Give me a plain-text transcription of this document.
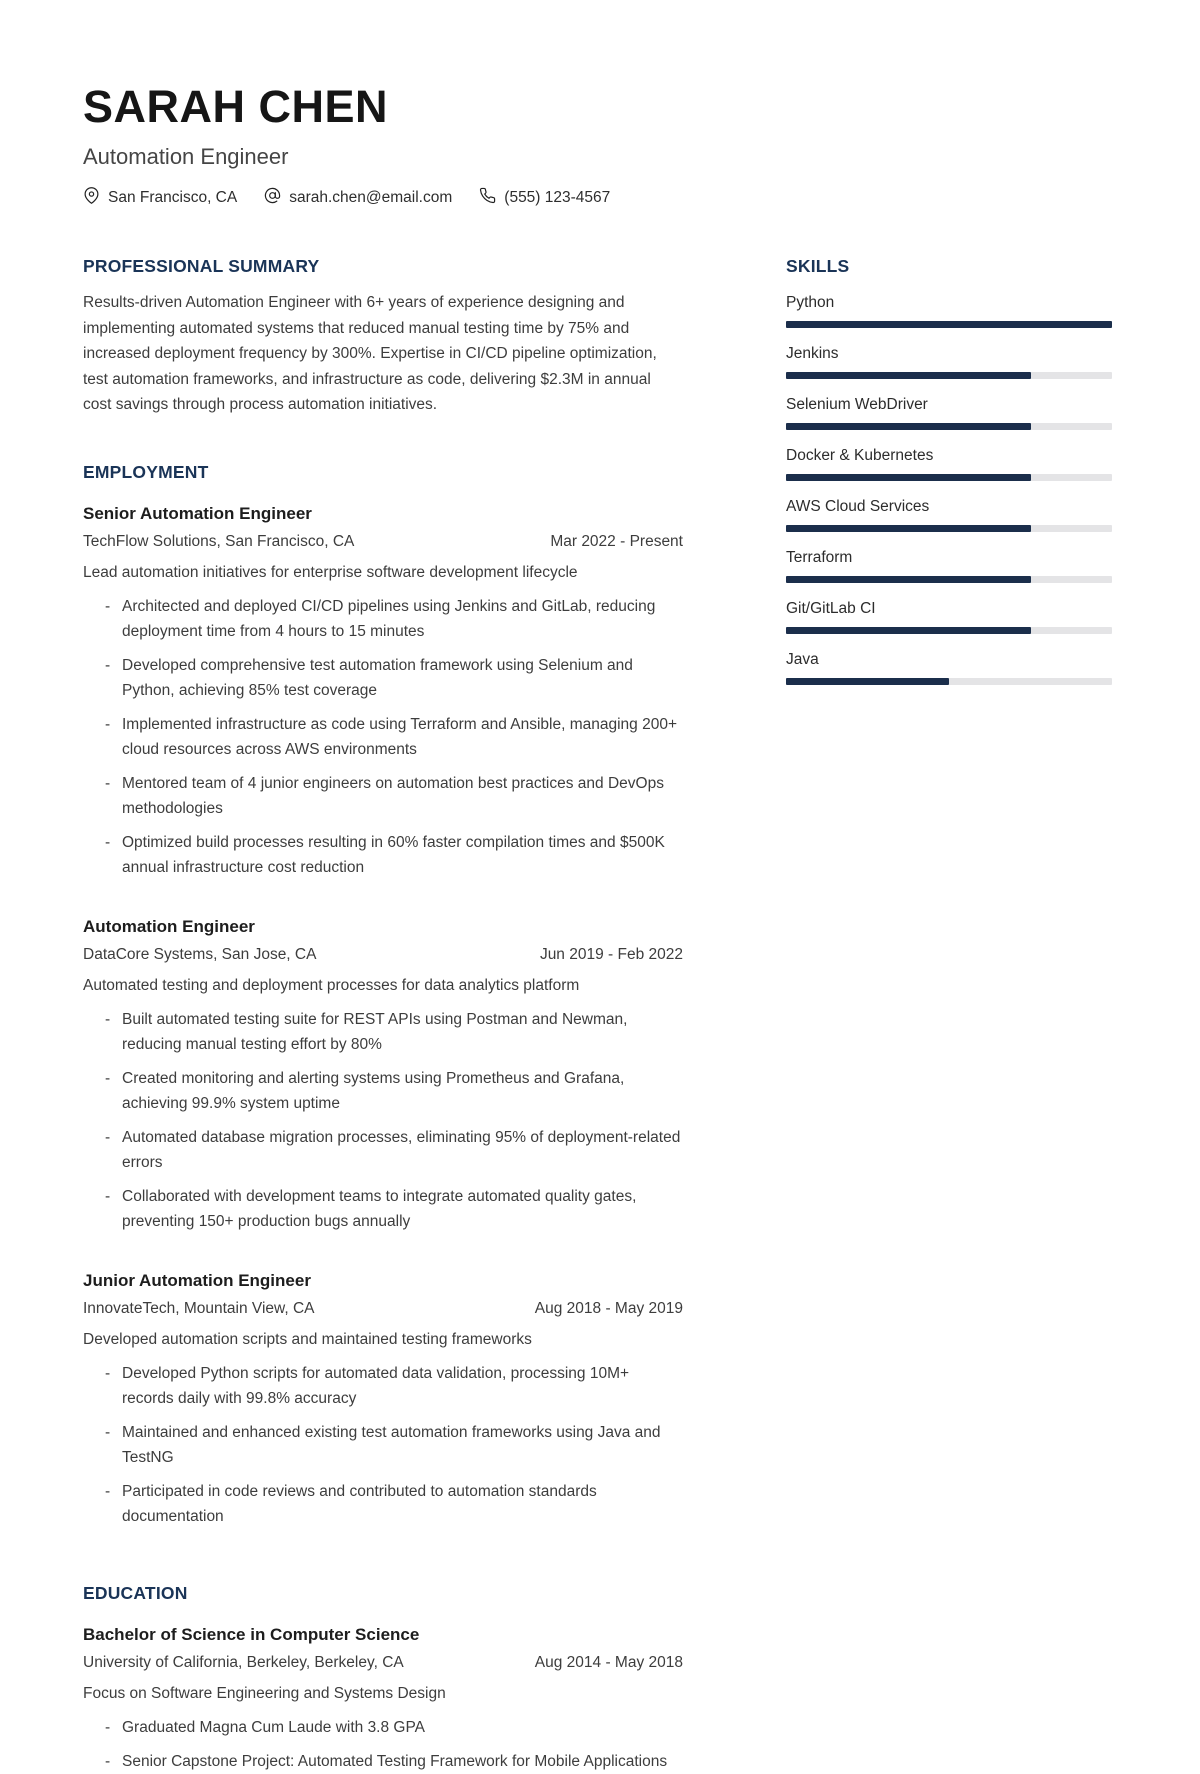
SARAH CHEN
Automation Engineer
San Francisco, CA	sarah.chen@email.com	(555) 123-4567
PROFESSIONAL SUMMARY
Results-driven Automation Engineer with 6+ years of experience designing and implementing automated systems that reduced manual testing time by 75% and increased deployment frequency by 300%. Expertise in CI/CD pipeline optimization, test automation frameworks, and infrastructure as code, delivering $2.3M in annual cost savings through process automation initiatives.
EMPLOYMENT
Senior Automation Engineer
TechFlow Solutions, San Francisco, CA	Mar 2022 - Present
Lead automation initiatives for enterprise software development lifecycle
- Architected and deployed CI/CD pipelines using Jenkins and GitLab, reducing deployment time from 4 hours to 15 minutes
- Developed comprehensive test automation framework using Selenium and Python, achieving 85% test coverage
- Implemented infrastructure as code using Terraform and Ansible, managing 200+ cloud resources across AWS environments
- Mentored team of 4 junior engineers on automation best practices and DevOps methodologies
- Optimized build processes resulting in 60% faster compilation times and $500K annual infrastructure cost reduction
Automation Engineer
DataCore Systems, San Jose, CA	Jun 2019 - Feb 2022
Automated testing and deployment processes for data analytics platform
- Built automated testing suite for REST APIs using Postman and Newman, reducing manual testing effort by 80%
- Created monitoring and alerting systems using Prometheus and Grafana, achieving 99.9% system uptime
- Automated database migration processes, eliminating 95% of deployment-related errors
- Collaborated with development teams to integrate automated quality gates, preventing 150+ production bugs annually
Junior Automation Engineer
InnovateTech, Mountain View, CA	Aug 2018 - May 2019
Developed automation scripts and maintained testing frameworks
- Developed Python scripts for automated data validation, processing 10M+ records daily with 99.8% accuracy
- Maintained and enhanced existing test automation frameworks using Java and TestNG
- Participated in code reviews and contributed to automation standards documentation
EDUCATION
Bachelor of Science in Computer Science
University of California, Berkeley, Berkeley, CA	Aug 2014 - May 2018
Focus on Software Engineering and Systems Design
- Graduated Magna Cum Laude with 3.8 GPA
- Senior Capstone Project: Automated Testing Framework for Mobile Applications
SKILLS
Python
Jenkins
Selenium WebDriver
Docker & Kubernetes
AWS Cloud Services
Terraform
Git/GitLab CI
Java
